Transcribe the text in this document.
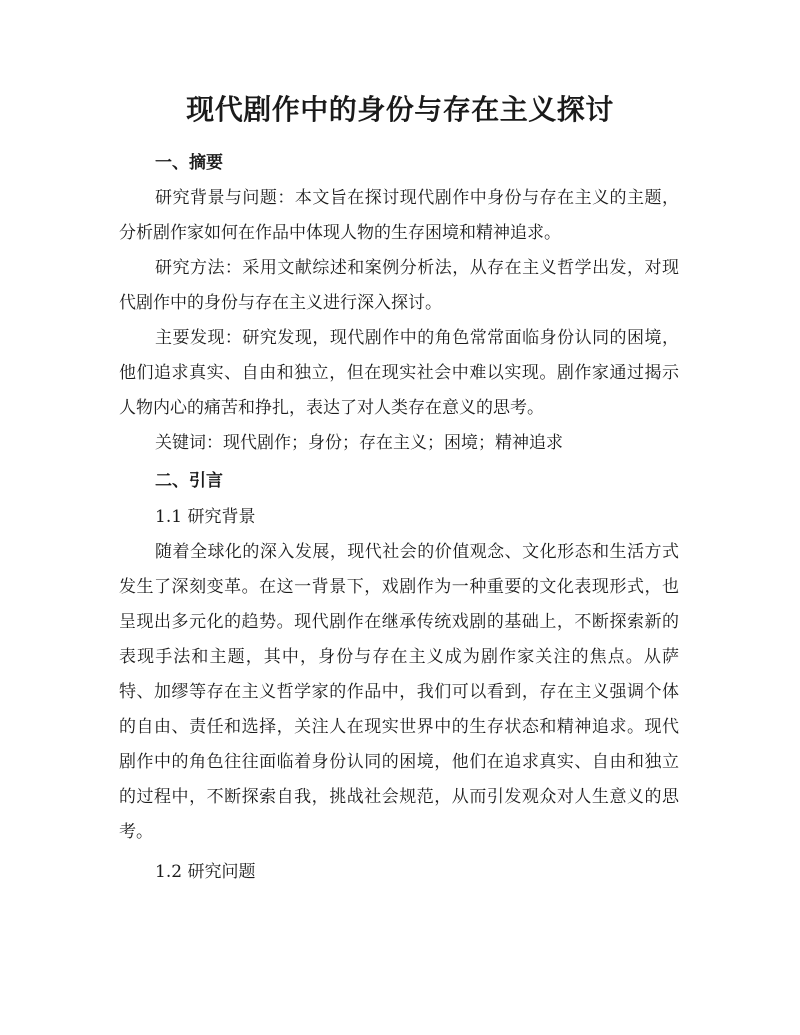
现代剧作中的身份与存在主义探讨
一、摘要

研究背景与问题：本文旨在探讨现代剧作中身份与存在主义的主题，分析剧作家如何在作品中体现人物的生存困境和精神追求。

研究方法：采用文献综述和案例分析法，从存在主义哲学出发，对现代剧作中的身份与存在主义进行深入探讨。

主要发现：研究发现，现代剧作中的角色常常面临身份认同的困境，他们追求真实、自由和独立，但在现实社会中难以实现。剧作家通过揭示人物内心的痛苦和挣扎，表达了对人类存在意义的思考。

关键词：现代剧作；身份；存在主义；困境；精神追求

二、引言
1.1 研究背景

随着全球化的深入发展，现代社会的价值观念、文化形态和生活方式发生了深刻变革。在这一背景下，戏剧作为一种重要的文化表现形式，也呈现出多元化的趋势。现代剧作在继承传统戏剧的基础上，不断探索新的表现手法和主题，其中，身份与存在主义成为剧作家关注的焦点。从萨特、加缪等存在主义哲学家的作品中，我们可以看到，存在主义强调个体的自由、责任和选择，关注人在现实世界中的生存状态和精神追求。现代剧作中的角色往往面临着身份认同的困境，他们在追求真实、自由和独立的过程中，不断探索自我，挑战社会规范，从而引发观众对人生意义的思考。

1.2 研究问题
